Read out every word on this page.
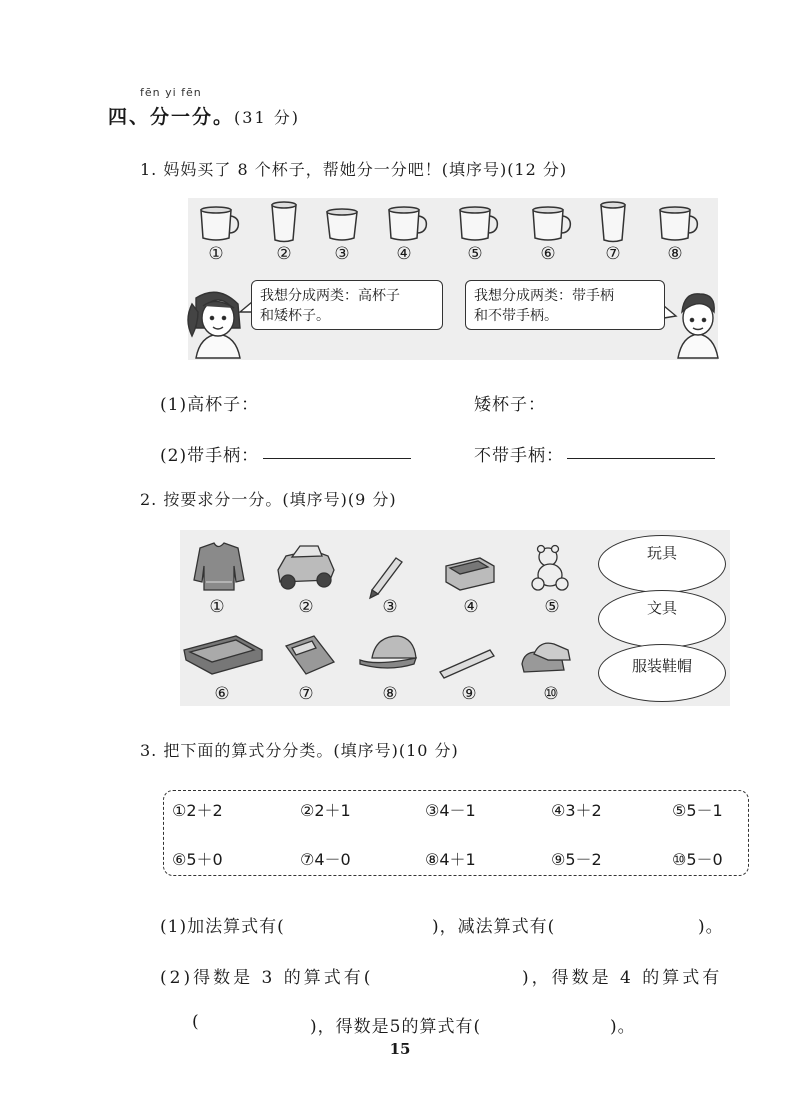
fēn yi fēn
四、分一分。(31 分)
1. 妈妈买了 8 个杯子，帮她分一分吧！(填序号)(12 分)
①	②	③	④	⑤	⑥	⑦	⑧
我想分成两类：高杯子
和矮杯子。
我想分成两类：带手柄
和不带手柄。
(1)高杯子：	矮杯子：
(2)带手柄：	不带手柄：
2. 按要求分一分。(填序号)(9 分)
①	②	③	④	⑤
⑥	⑦	⑧	⑨	⑩
玩具
文具
服装鞋帽
3. 把下面的算式分分类。(填序号)(10 分)
①2＋2	②2＋1	③4－1	④3＋2	⑤5－1
⑥5＋0	⑦4－0	⑧4＋1	⑨5－2	⑩5－0
(1)加法算式有(	)，减法算式有(	)。
(2)得数是 3 的算式有(	)，得数是 4 的算式有
(	)，得数是5的算式有(	)。
15
